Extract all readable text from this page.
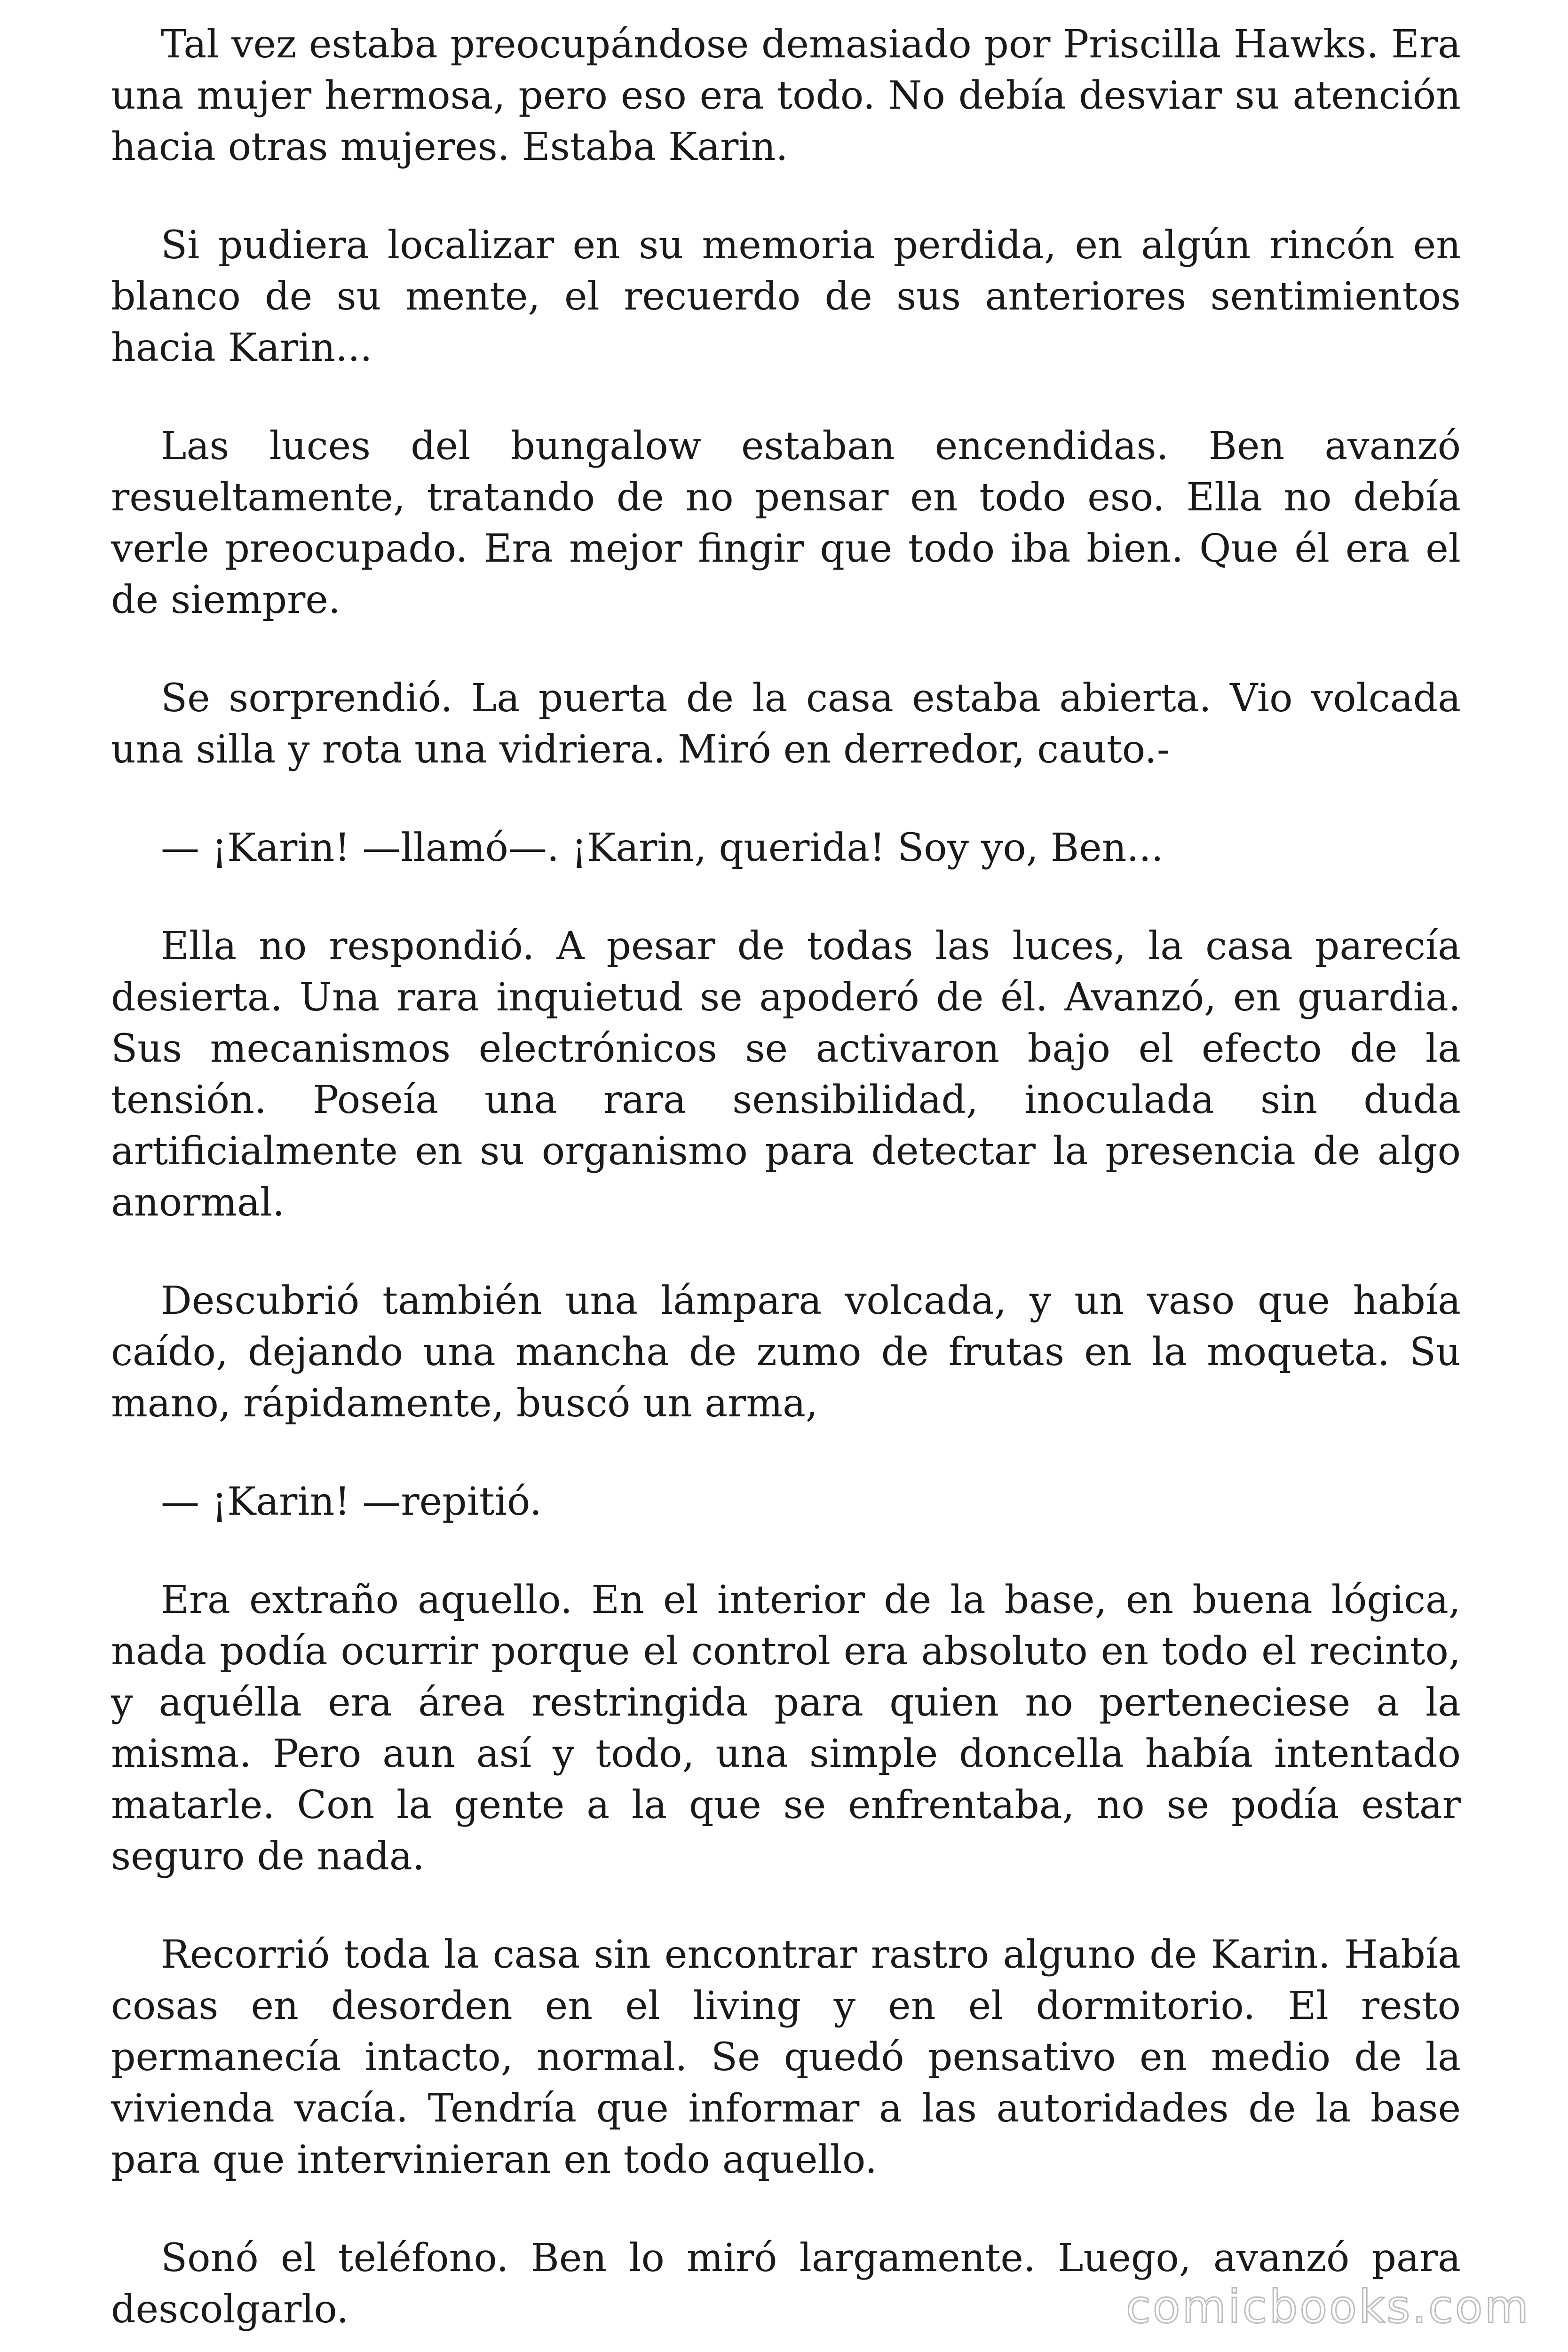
Tal vez estaba preocupándose demasiado por Priscilla Hawks. Era una mujer hermosa, pero eso era todo. No debía desviar su atención hacia otras mujeres. Estaba Karin.

Si pudiera localizar en su memoria perdida, en algún rincón en blanco de su mente, el recuerdo de sus anteriores sentimientos hacia Karin...

Las luces del bungalow estaban encendidas. Ben avanzó resueltamente, tratando de no pensar en todo eso. Ella no debía verle preocupado. Era mejor fingir que todo iba bien. Que él era el de siempre.

Se sorprendió. La puerta de la casa estaba abierta. Vio volcada una silla y rota una vidriera. Miró en derredor, cauto.-

— ¡Karin! —llamó—. ¡Karin, querida! Soy yo, Ben...

Ella no respondió. A pesar de todas las luces, la casa parecía desierta. Una rara inquietud se apoderó de él. Avanzó, en guardia. Sus mecanismos electrónicos se activaron bajo el efecto de la tensión. Poseía una rara sensibilidad, inoculada sin duda artificialmente en su organismo para detectar la presencia de algo anormal.

Descubrió también una lámpara volcada, y un vaso que había caído, dejando una mancha de zumo de frutas en la moqueta. Su mano, rápidamente, buscó un arma,

— ¡Karin! —repitió.

Era extraño aquello. En el interior de la base, en buena lógica, nada podía ocurrir porque el control era absoluto en todo el recinto, y aquélla era área restringida para quien no perteneciese a la misma. Pero aun así y todo, una simple doncella había intentado matarle. Con la gente a la que se enfrentaba, no se podía estar seguro de nada.

Recorrió toda la casa sin encontrar rastro alguno de Karin. Había cosas en desorden en el living y en el dormitorio. El resto permanecía intacto, normal. Se quedó pensativo en medio de la vivienda vacía. Tendría que informar a las autoridades de la base para que intervinieran en todo aquello.

Sonó el teléfono. Ben lo miró largamente. Luego, avanzó para descolgarlo.	comicbooks.com
